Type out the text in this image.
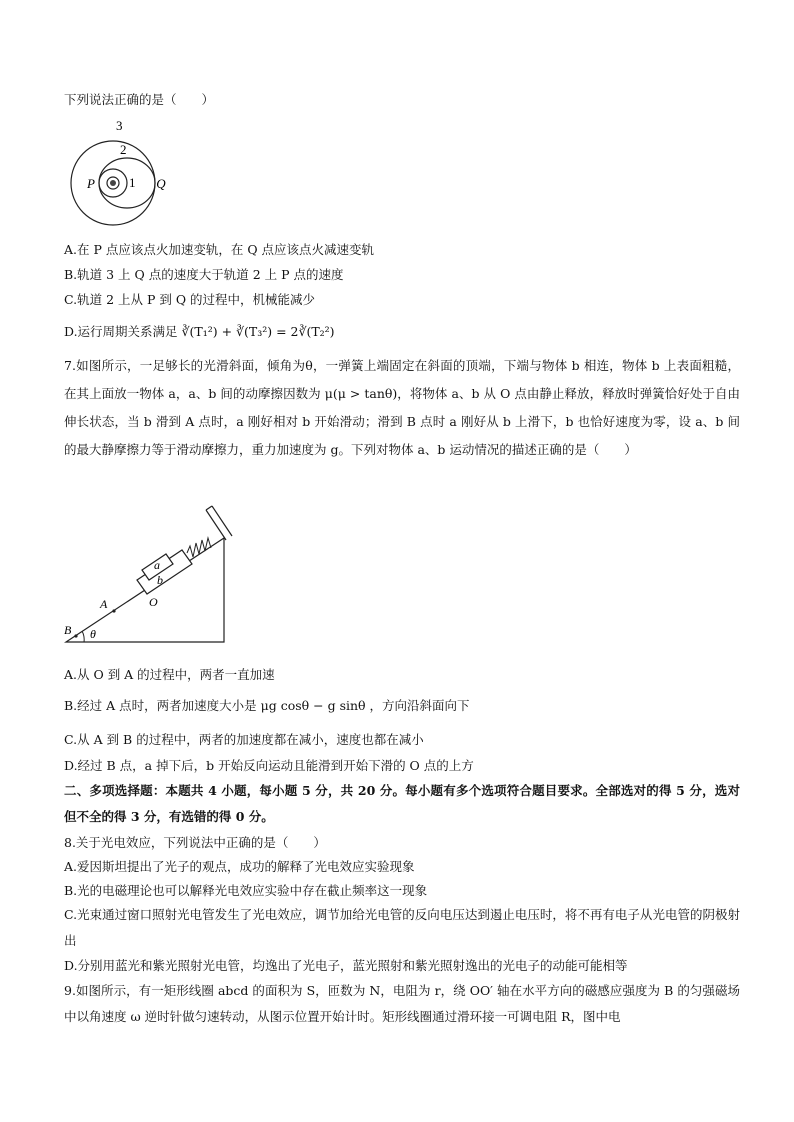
下列说法正确的是（　　）
3
2
1
P	Q
A.在 P 点应该点火加速变轨，在 Q 点应该点火减速变轨
B.轨道 3 上 Q 点的速度大于轨道 2 上 P 点的速度
C.轨道 2 上从 P 到 Q 的过程中，机械能减少
D.运行周期关系满足 ∛(T₁²) + ∛(T₃²) = 2∛(T₂²)
7.如图所示，一足够长的光滑斜面，倾角为θ，一弹簧上端固定在斜面的顶端，下端与物体 b 相连，物体 b 上表面粗糙，在其上面放一物体 a，a、b 间的动摩擦因数为 μ(μ > tanθ)，将物体 a、b 从 O 点由静止释放，释放时弹簧恰好处于自由伸长状态，当 b 滑到 A 点时，a 刚好相对 b 开始滑动；滑到 B 点时 a 刚好从 b 上滑下，b 也恰好速度为零，设 a、b 间的最大静摩擦力等于滑动摩擦力，重力加速度为 g。下列对物体 a、b 运动情况的描述正确的是（　　）
a
b
A	O
B θ
A.从 O 到 A 的过程中，两者一直加速
B.经过 A 点时，两者加速度大小是 μg cosθ − g sinθ ，方向沿斜面向下
C.从 A 到 B 的过程中，两者的加速度都在减小，速度也都在减小
D.经过 B 点，a 掉下后，b 开始反向运动且能滑到开始下滑的 O 点的上方
二、多项选择题：本题共 4 小题，每小题 5 分，共 20 分。每小题有多个选项符合题目要求。全部选对的得 5 分，选对但不全的得 3 分，有选错的得 0 分。
8.关于光电效应，下列说法中正确的是（　　）
A.爱因斯坦提出了光子的观点，成功的解释了光电效应实验现象
B.光的电磁理论也可以解释光电效应实验中存在截止频率这一现象
C.光束通过窗口照射光电管发生了光电效应，调节加给光电管的反向电压达到遏止电压时，将不再有电子从光电管的阴极射出
D.分别用蓝光和紫光照射光电管，均逸出了光电子，蓝光照射和紫光照射逸出的光电子的动能可能相等
9.如图所示，有一矩形线圈 abcd 的面积为 S，匝数为 N，电阻为 r，绕 OO′ 轴在水平方向的磁感应强度为 B 的匀强磁场中以角速度 ω 逆时针做匀速转动，从图示位置开始计时。矩形线圈通过滑环接一可调电阻 R，图中电
